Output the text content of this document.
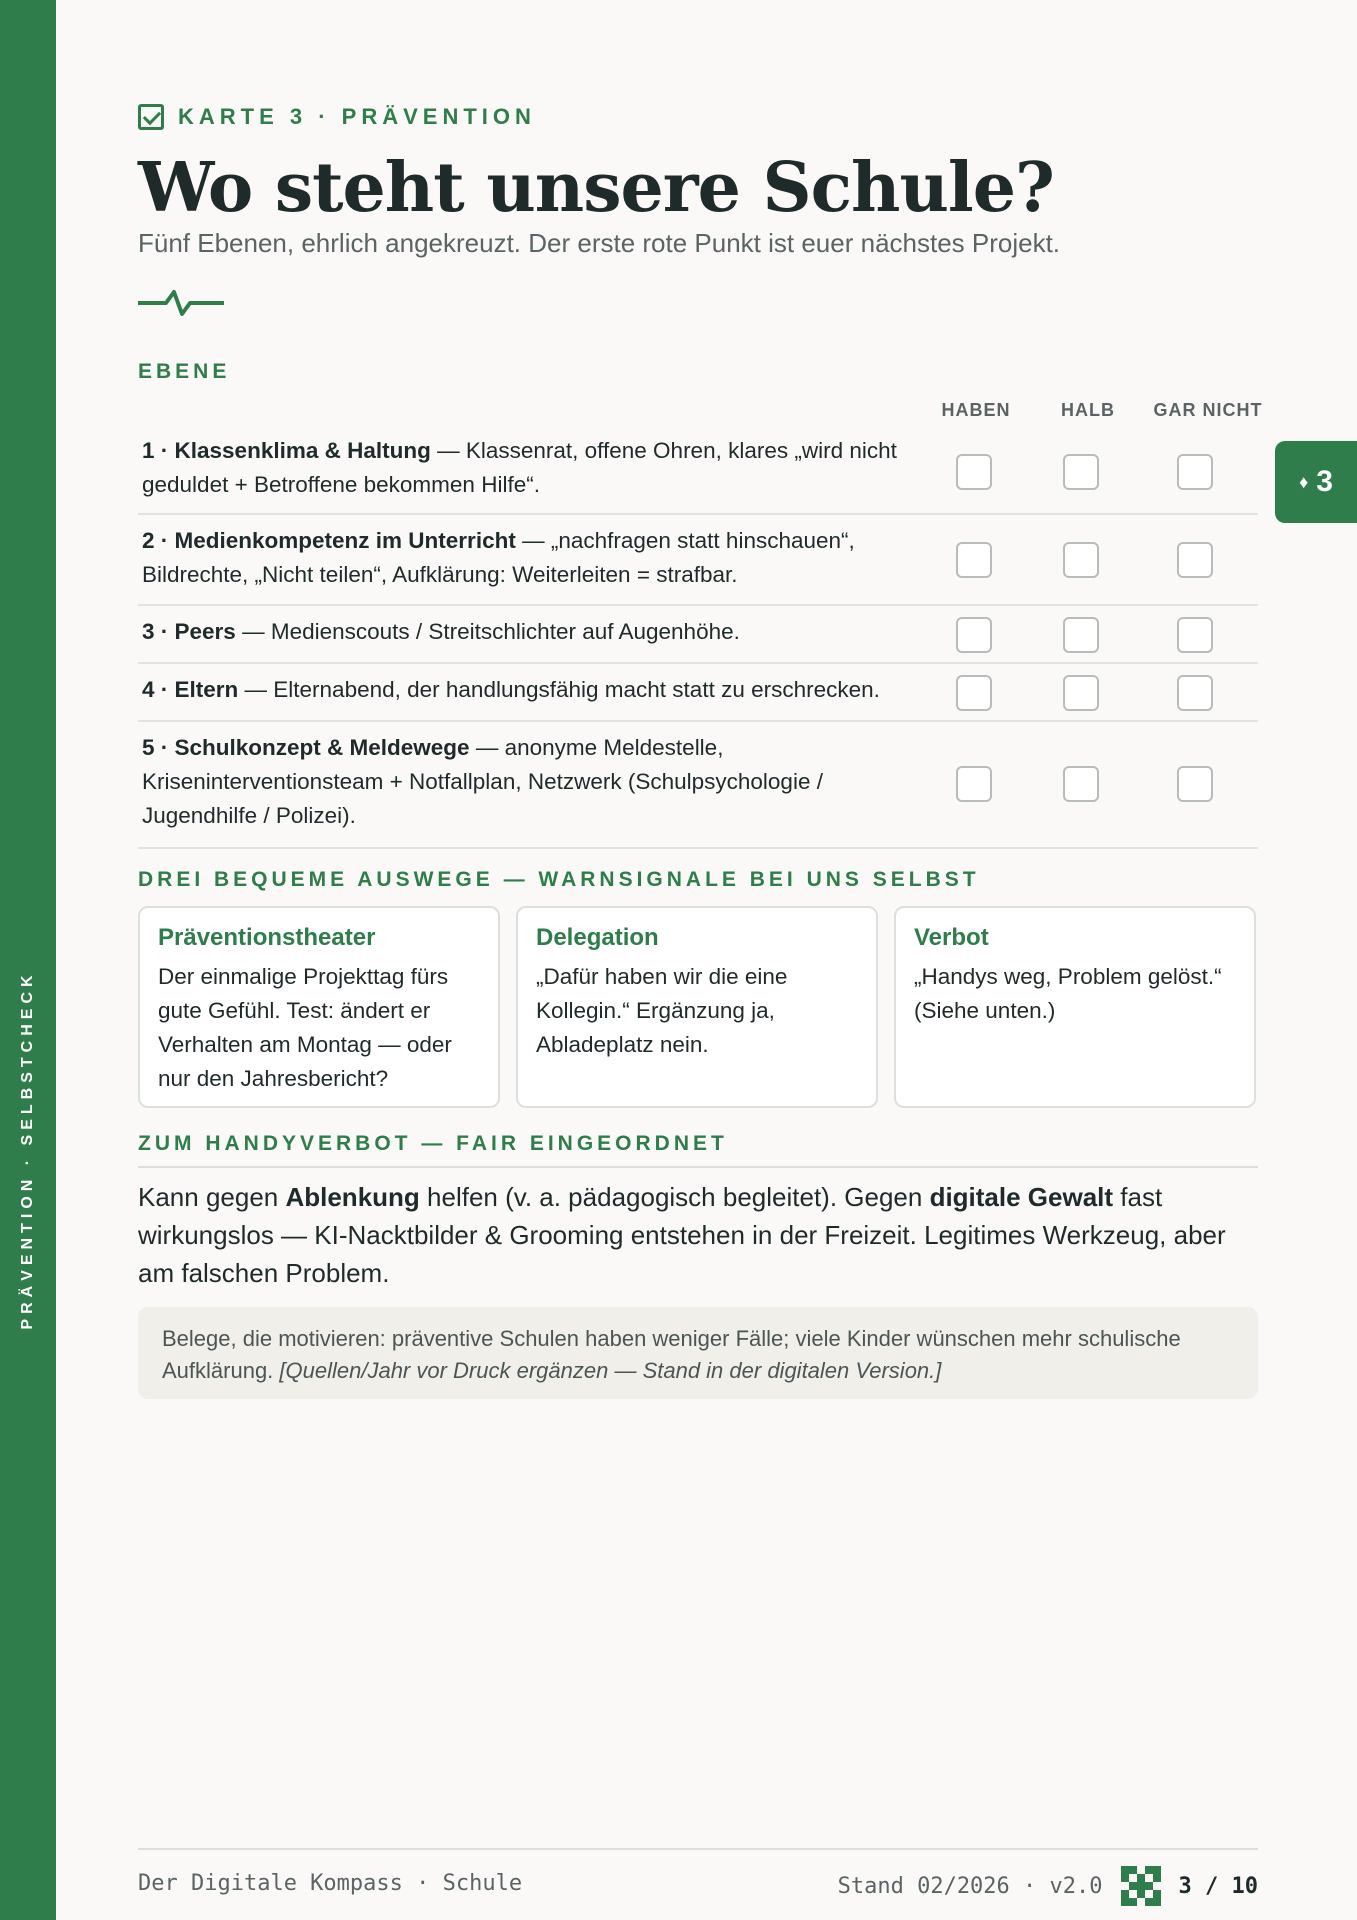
PRÄVENTION · SELBSTCHECK
♦ 3
KARTE 3 · PRÄVENTION
Wo steht unsere Schule?

Fünf Ebenen, ehrlich angekreuzt. Der erste rote Punkt ist euer nächstes Projekt.

EBENE
HABEN	HALB	GAR NICHT
1 · Klassenklima & Haltung — Klassenrat, offene Ohren, klares „wird nicht geduldet + Betroffene bekommen Hilfe“.
2 · Medienkompetenz im Unterricht — „nachfragen statt hinschauen“, Bildrechte, „Nicht teilen“, Aufklärung: Weiterleiten = strafbar.
3 · Peers — Medienscouts / Streitschlichter auf Augenhöhe.
4 · Eltern — Elternabend, der handlungsfähig macht statt zu erschrecken.
5 · Schulkonzept & Meldewege — anonyme Meldestelle, Kriseninterventionsteam + Notfallplan, Netzwerk (Schulpsychologie / Jugendhilfe / Polizei).
DREI BEQUEME AUSWEGE — WARNSIGNALE BEI UNS SELBST
Präventionstheater
Der einmalige Projekttag fürs gute Gefühl. Test: ändert er Verhalten am Montag — oder nur den Jahresbericht?
Delegation
„Dafür haben wir die eine Kollegin.“ Ergänzung ja, Abladeplatz nein.
Verbot
„Handys weg, Problem gelöst.“ (Siehe unten.)
ZUM HANDYVERBOT — FAIR EINGEORDNET

Kann gegen Ablenkung helfen (v. a. pädagogisch begleitet). Gegen digitale Gewalt fast wirkungslos — KI-Nacktbilder & Grooming entstehen in der Freizeit. Legitimes Werkzeug, aber am falschen Problem.

Belege, die motivieren: präventive Schulen haben weniger Fälle; viele Kinder wünschen mehr schulische Aufklärung. [Quellen/Jahr vor Druck ergänzen — Stand in der digitalen Version.]
Der Digitale Kompass · Schule	Stand 02/2026 · v2.0	3 / 10
